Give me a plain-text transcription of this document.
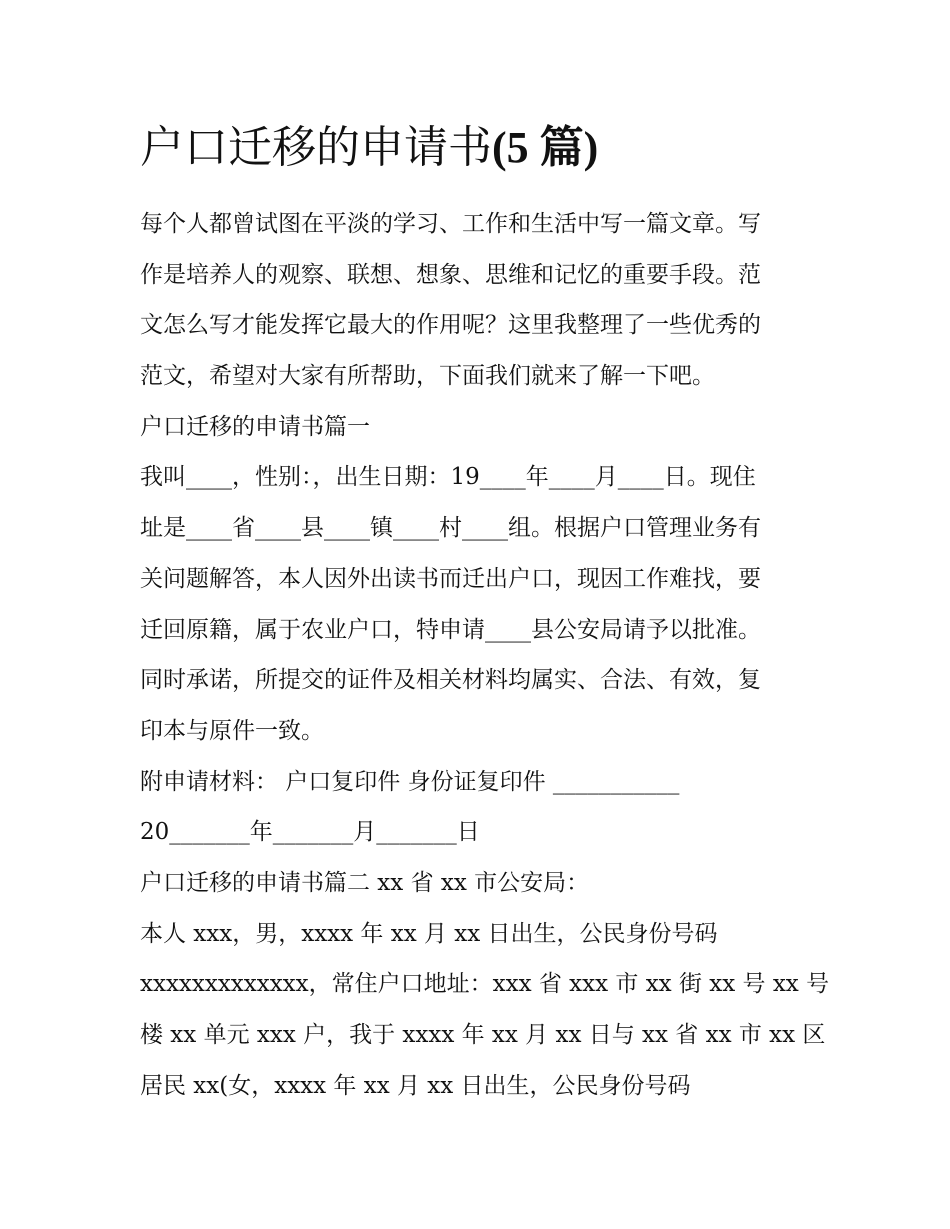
户口迁移的申请书(5 篇)
每个人都曾试图在平淡的学习、工作和生活中写一篇文章。写
作是培养人的观察、联想、想象、思维和记忆的重要手段。范
文怎么写才能发挥它最大的作用呢？这里我整理了一些优秀的
范文，希望对大家有所帮助，下面我们就来了解一下吧。
户口迁移的申请书篇一
我叫____，性别：，出生日期：19____年____月____日。现住
址是____省____县____镇____村____组。根据户口管理业务有
关问题解答，本人因外出读书而迁出户口，现因工作难找，要
迁回原籍，属于农业户口，特申请____县公安局请予以批准。
同时承诺，所提交的证件及相关材料均属实、合法、有效，复
印本与原件一致。
附申请材料： 户口复印件 身份证复印件 ___________
20_______年_______月_______日
户口迁移的申请书篇二 xx 省 xx 市公安局：
本人 xxx，男，xxxx 年 xx 月 xx 日出生，公民身份号码
xxxxxxxxxxxxx，常住户口地址：xxx 省 xxx 市 xx 街 xx 号 xx 号
楼 xx 单元 xxx 户，我于 xxxx 年 xx 月 xx 日与 xx 省 xx 市 xx 区
居民 xx(女，xxxx 年 xx 月 xx 日出生，公民身份号码
